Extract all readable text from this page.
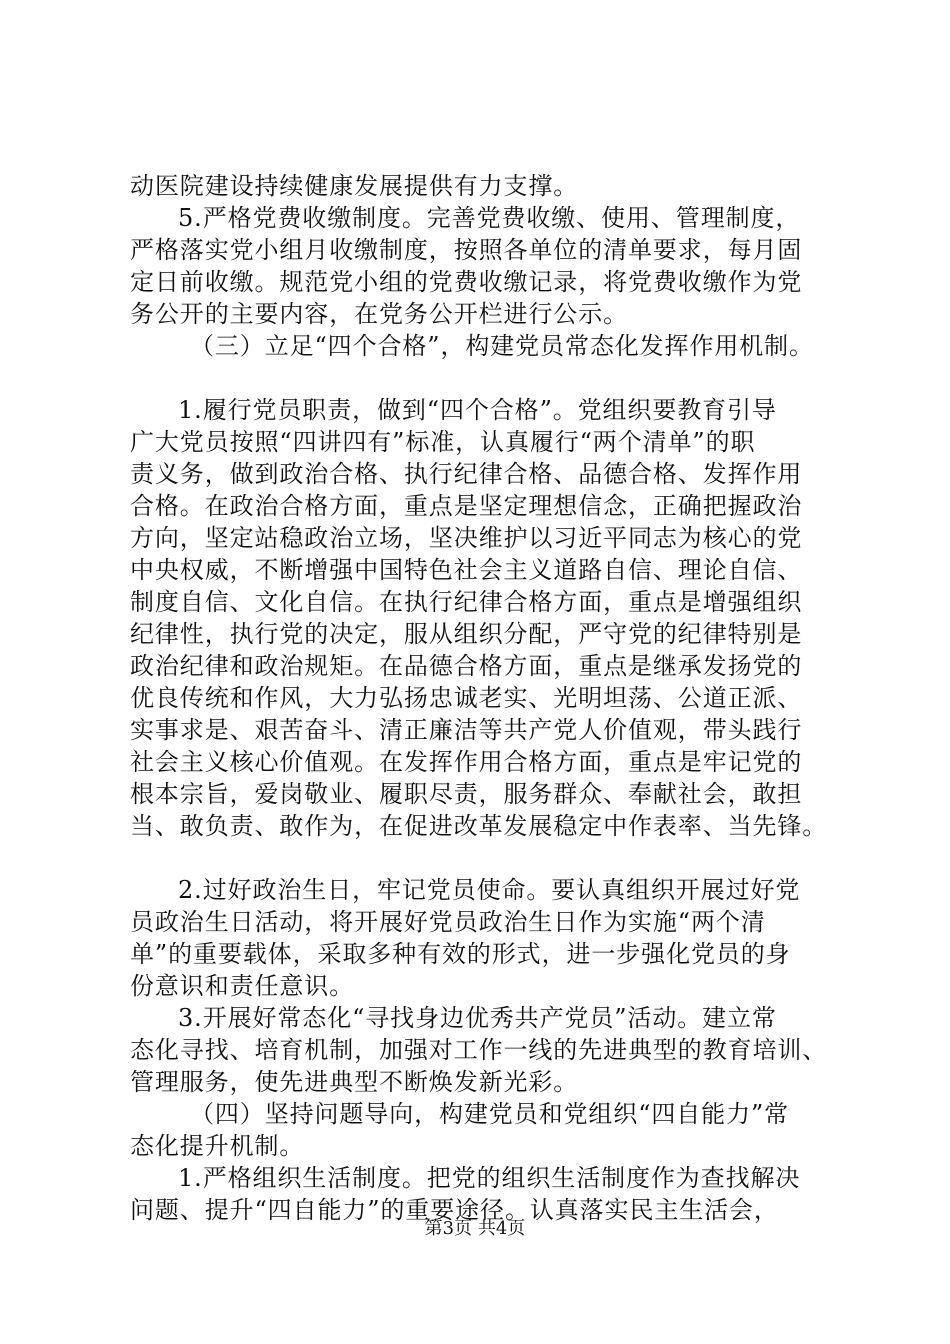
动医院建设持续健康发展提供有力支撑。
5.严格党费收缴制度。完善党费收缴、使用、管理制度，
严格落实党小组月收缴制度，按照各单位的清单要求，每月固
定日前收缴。规范党小组的党费收缴记录，将党费收缴作为党
务公开的主要内容，在党务公开栏进行公示。
（三）立足“四个合格”，构建党员常态化发挥作用机制。
1.履行党员职责，做到“四个合格”。党组织要教育引导
广大党员按照“四讲四有”标准，认真履行“两个清单”的职
责义务，做到政治合格、执行纪律合格、品德合格、发挥作用
合格。在政治合格方面，重点是坚定理想信念，正确把握政治
方向，坚定站稳政治立场，坚决维护以习近平同志为核心的党
中央权威，不断增强中国特色社会主义道路自信、理论自信、
制度自信、文化自信。在执行纪律合格方面，重点是增强组织
纪律性，执行党的决定，服从组织分配，严守党的纪律特别是
政治纪律和政治规矩。在品德合格方面，重点是继承发扬党的
优良传统和作风，大力弘扬忠诚老实、光明坦荡、公道正派、
实事求是、艰苦奋斗、清正廉洁等共产党人价值观，带头践行
社会主义核心价值观。在发挥作用合格方面，重点是牢记党的
根本宗旨，爱岗敬业、履职尽责，服务群众、奉献社会，敢担
当、敢负责、敢作为，在促进改革发展稳定中作表率、当先锋。
2.过好政治生日，牢记党员使命。要认真组织开展过好党
员政治生日活动，将开展好党员政治生日作为实施“两个清
单”的重要载体，采取多种有效的形式，进一步强化党员的身
份意识和责任意识。
3.开展好常态化“寻找身边优秀共产党员”活动。建立常
态化寻找、培育机制，加强对工作一线的先进典型的教育培训、
管理服务，使先进典型不断焕发新光彩。
（四）坚持问题导向，构建党员和党组织“四自能力”常
态化提升机制。
1.严格组织生活制度。把党的组织生活制度作为查找解决
问题、提升“四自能力”的重要途径。认真落实民主生活会，
第3页 共4页
